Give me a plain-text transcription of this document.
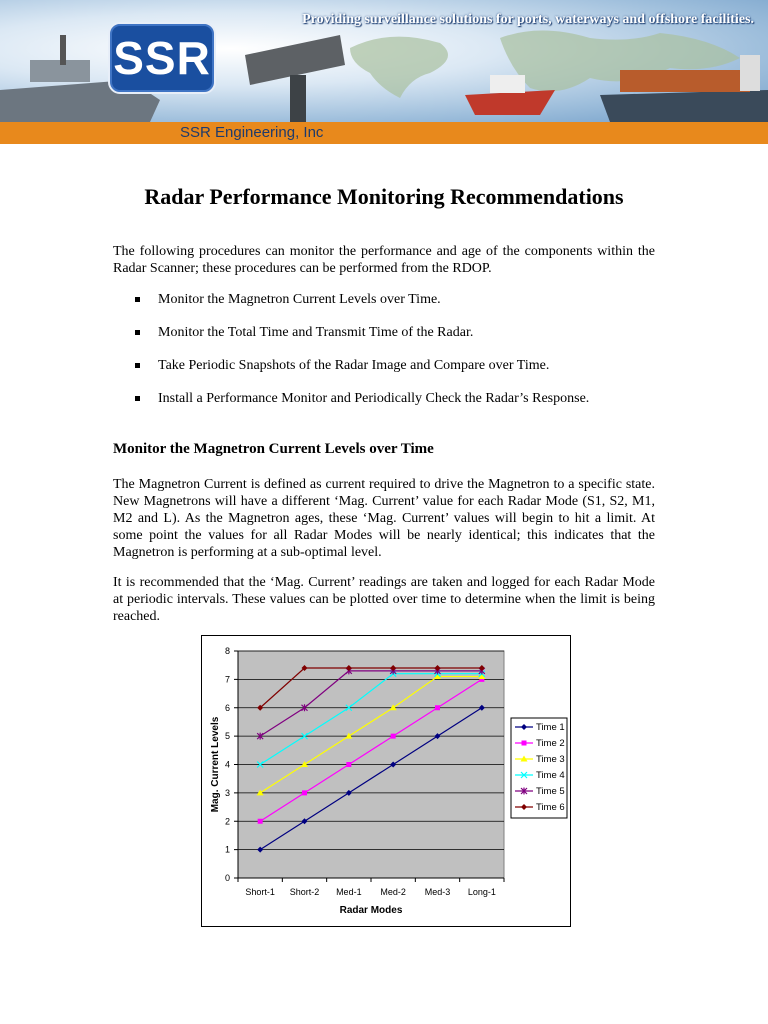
Providing surveillance solutions for ports, waterways and offshore facilities.
SSR
SSR Engineering, Inc
Radar Performance Monitoring Recommendations

The following procedures can monitor the performance and age of the components within the Radar Scanner; these procedures can be performed from the RDOP.

Monitor the Magnetron Current Levels over Time.
Monitor the Total Time and Transmit Time of the Radar.
Take Periodic Snapshots of the Radar Image and Compare over Time.
Install a Performance Monitor and Periodically Check the Radar’s Response.
Monitor the Magnetron Current Levels over Time

The Magnetron Current is defined as current required to drive the Magnetron to a specific state. New Magnetrons will have a different ‘Mag. Current’ value for each Radar Mode (S1, S2, M1, M2 and L). As the Magnetron ages, these ‘Mag. Current’ values will begin to hit a limit. At some point the values for all Radar Modes will be nearly identical; this indicates that the Magnetron is performing at a sub-optimal level.

It is recommended that the ‘Mag. Current’ readings are taken and logged for each Radar Mode at periodic intervals. These values can be plotted over time to determine when the limit is being reached.

0
1
2
3
4
5
6
7
8
Short-1 Short-2 Med-1 Med-2 Med-3 Long-1
Radar Modes
Mag. Current Levels	Time 1
Time 2
Time 3
Time 4
Time 5
Time 6
